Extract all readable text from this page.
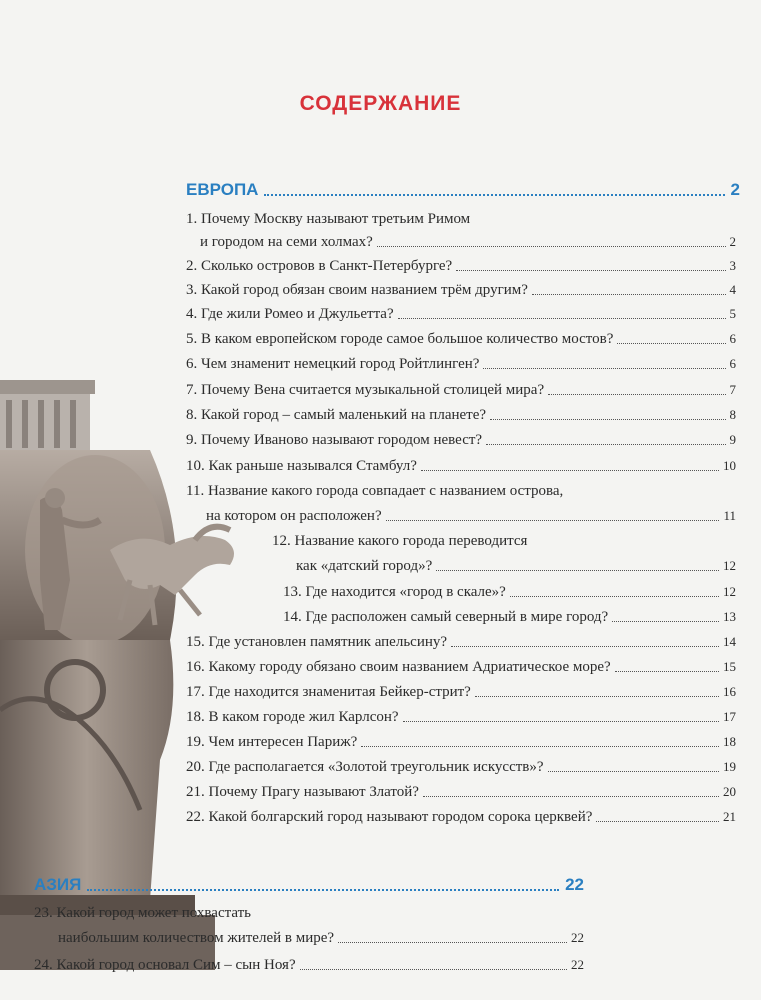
СОДЕРЖАНИЕ
ЕВРОПА	2
1. Почему Москву называют третьим Римом
и городом на семи холмах?	2
2. Сколько островов в Санкт-Петербурге?	3
3. Какой город обязан своим названием трём другим?	4
4. Где жили Ромео и Джульетта?	5
5. В каком европейском городе самое большое количество мостов?	6
6. Чем знаменит немецкий город Ройтлинген?	6
7. Почему Вена считается музыкальной столицей мира?	7
8. Какой город – самый маленький на планете?	8
9. Почему Иваново называют городом невест?	9
10. Как раньше назывался Стамбул?	10
11. Название какого города совпадает с названием острова,
на котором он расположен?	11
12. Название какого города переводится
как «датский город»?	12
13. Где находится «город в скале»?	12
14. Где расположен самый северный в мире город?	13
15. Где установлен памятник апельсину?	14
16. Какому городу обязано своим названием Адриатическое море?	15
17. Где находится знаменитая Бейкер-стрит?	16
18. В каком городе жил Карлсон?	17
19. Чем интересен Париж?	18
20. Где располагается «Золотой треугольник искусств»?	19
21. Почему Прагу называют Златой?	20
22. Какой болгарский город называют городом сорока церквей?	21
АЗИЯ	22
23. Какой город может похвастать
наибольшим количеством жителей в мире?	22
24. Какой город основал Сим – сын Ноя?	22
